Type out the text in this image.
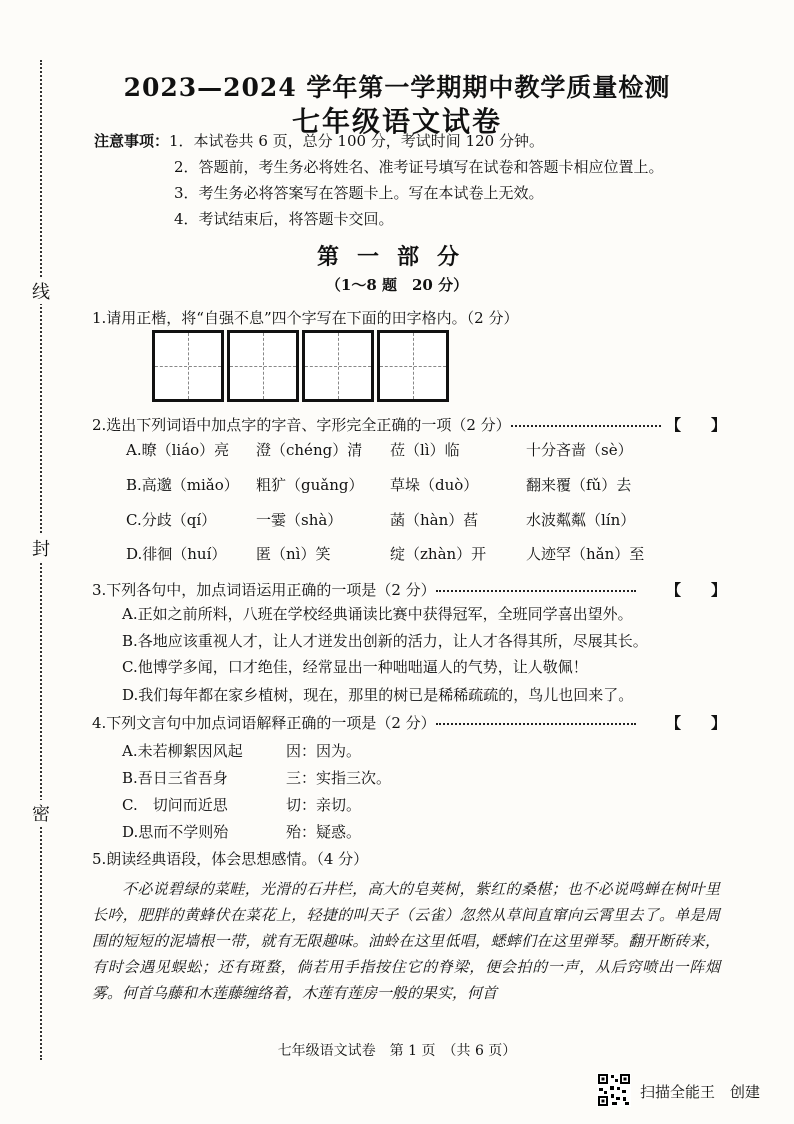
线
封
密
2023—2024 学年第一学期期中教学质量检测
七年级语文试卷
注意事项：1．本试卷共 6 页，总分 100 分，考试时间 120 分钟。
2．答题前，考生务必将姓名、准考证号填写在试卷和答题卡相应位置上。
3．考生务必将答案写在答题卡上。写在本试卷上无效。
4．考试结束后，将答题卡交回。
第一部分
（1～8 题　20 分）
1.请用正楷，将“自强不息”四个字写在下面的田字格内。（2 分）
2.选出下列词语中加点字的字音、字形完全正确的一项（2 分）	【　　】
A.暸（liáo）亮	澄（chéng）清	莅（lì）临	十分吝啬（sè）
B.高邈（miǎo）	粗犷（guǎng）	草垛（duò）	翻来覆（fǔ）去
C.分歧（qí）	一霎（shà）	菡（hàn）萏	水波粼粼（lín）
D.徘徊（huí）	匿（nì）笑	绽（zhàn）开	人迹罕（hǎn）至
3.下列各句中，加点词语运用正确的一项是（2 分）	【　　】
A.正如之前所料，八班在学校经典诵读比赛中获得冠军，全班同学喜出望外。
B.各地应该重视人才，让人才迸发出创新的活力，让人才各得其所，尽展其长。
C.他博学多闻，口才绝佳，经常显出一种咄咄逼人的气势，让人敬佩！
D.我们每年都在家乡植树，现在，那里的树已是稀稀疏疏的，鸟儿也回来了。
4.下列文言句中加点词语解释正确的一项是（2 分）	【　　】
A.未若柳絮因风起	因：因为。
B.吾日三省吾身	三：实指三次。
C.　切问而近思	切：亲切。
D.思而不学则殆	殆：疑惑。
5.朗读经典语段，体会思想感情。（4 分）

不必说碧绿的菜畦，光滑的石井栏，高大的皂荚树，紫红的桑椹；也不必说鸣蝉在树叶里长吟，肥胖的黄蜂伏在菜花上，轻捷的叫天子（云雀）忽然从草间直窜向云霄里去了。单是周围的短短的泥墙根一带，就有无限趣味。油蛉在这里低唱，蟋蟀们在这里弹琴。翻开断砖来，有时会遇见蜈蚣；还有斑蝥，倘若用手指按住它的脊梁，便会拍的一声，从后窍喷出一阵烟雾。何首乌藤和木莲藤缠络着，木莲有莲房一般的果实，何首

七年级语文试卷　第 1 页　（共 6 页）
扫描全能王　创建
